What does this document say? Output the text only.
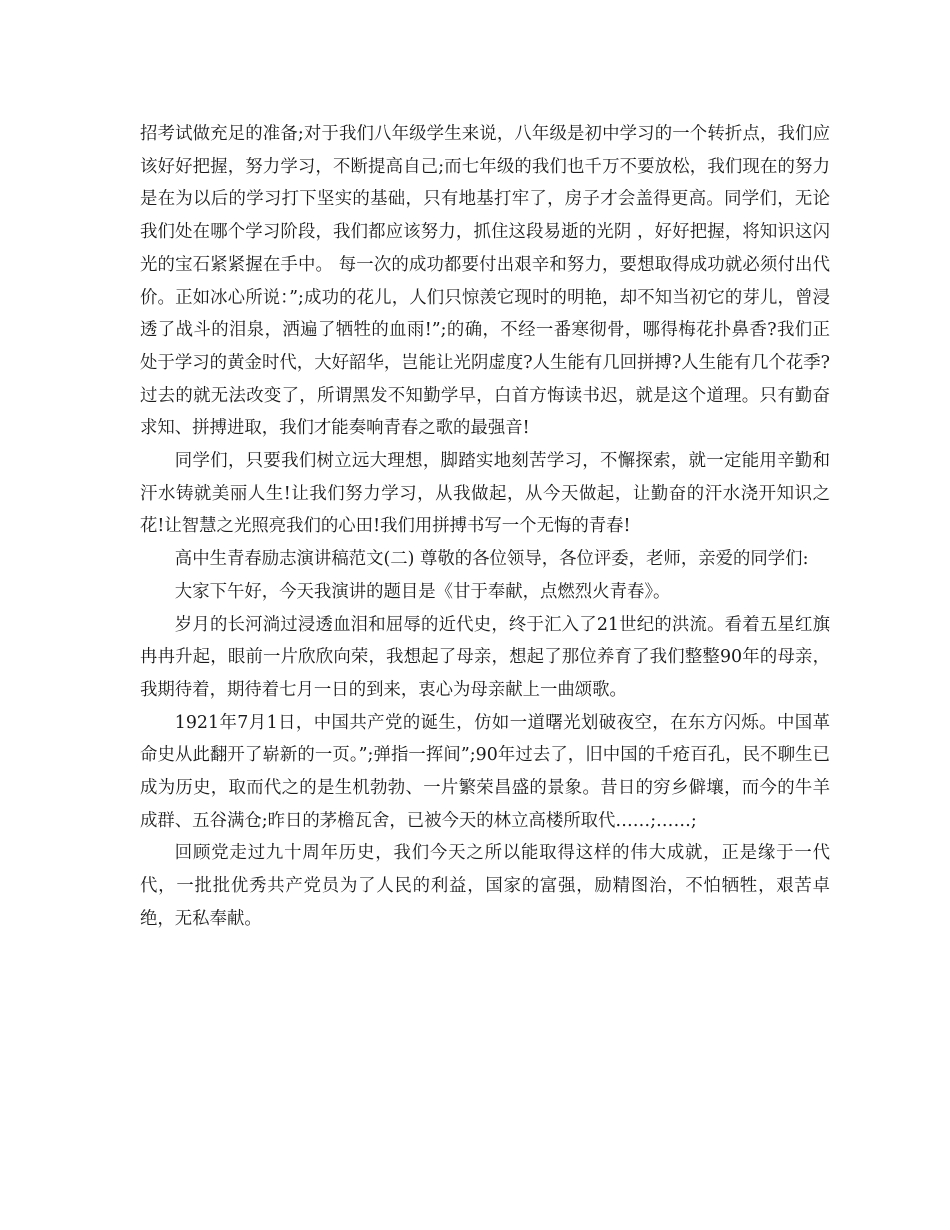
招考试做充足的准备;对于我们八年级学生来说，八年级是初中学习的一个转折点，我们应该好好把握，努力学习，不断提高自己;而七年级的我们也千万不要放松，我们现在的努力是在为以后的学习打下坚实的基础，只有地基打牢了，房子才会盖得更高。同学们，无论我们处在哪个学习阶段，我们都应该努力，抓住这段易逝的光阴 ，好好把握，将知识这闪光的宝石紧紧握在手中。 每一次的成功都要付出艰辛和努力，要想取得成功就必须付出代价。正如冰心所说：”;成功的花儿，人们只惊羡它现时的明艳，却不知当初它的芽儿，曾浸透了战斗的泪泉，洒遍了牺牲的血雨!”;的确，不经一番寒彻骨，哪得梅花扑鼻香?我们正处于学习的黄金时代，大好韶华，岂能让光阴虚度?人生能有几回拼搏?人生能有几个花季?过去的就无法改变了，所谓黑发不知勤学早，白首方悔读书迟，就是这个道理。只有勤奋求知、拼搏进取，我们才能奏响青春之歌的最强音!

同学们，只要我们树立远大理想，脚踏实地刻苦学习，不懈探索，就一定能用辛勤和汗水铸就美丽人生!让我们努力学习，从我做起，从今天做起，让勤奋的汗水浇开知识之花!让智慧之光照亮我们的心田!我们用拼搏书写一个无悔的青春!

高中生青春励志演讲稿范文(二) 尊敬的各位领导，各位评委，老师，亲爱的同学们:

大家下午好，今天我演讲的题目是《甘于奉献，点燃烈火青春》。

岁月的长河淌过浸透血泪和屈辱的近代史，终于汇入了21世纪的洪流。看着五星红旗冉冉升起，眼前一片欣欣向荣，我想起了母亲，想起了那位养育了我们整整90年的母亲，我期待着，期待着七月一日的到来，衷心为母亲献上一曲颂歌。

1921年7月1日，中国共产党的诞生，仿如一道曙光划破夜空，在东方闪烁。中国革命史从此翻开了崭新的一页。”;弹指一挥间”;90年过去了，旧中国的千疮百孔，民不聊生已成为历史，取而代之的是生机勃勃、一片繁荣昌盛的景象。昔日的穷乡僻壤，而今的牛羊成群、五谷满仓;昨日的茅檐瓦舍，已被今天的林立高楼所取代……;……;

回顾党走过九十周年历史，我们今天之所以能取得这样的伟大成就，正是缘于一代代，一批批优秀共产党员为了人民的利益，国家的富强，励精图治，不怕牺牲，艰苦卓绝，无私奉献。
